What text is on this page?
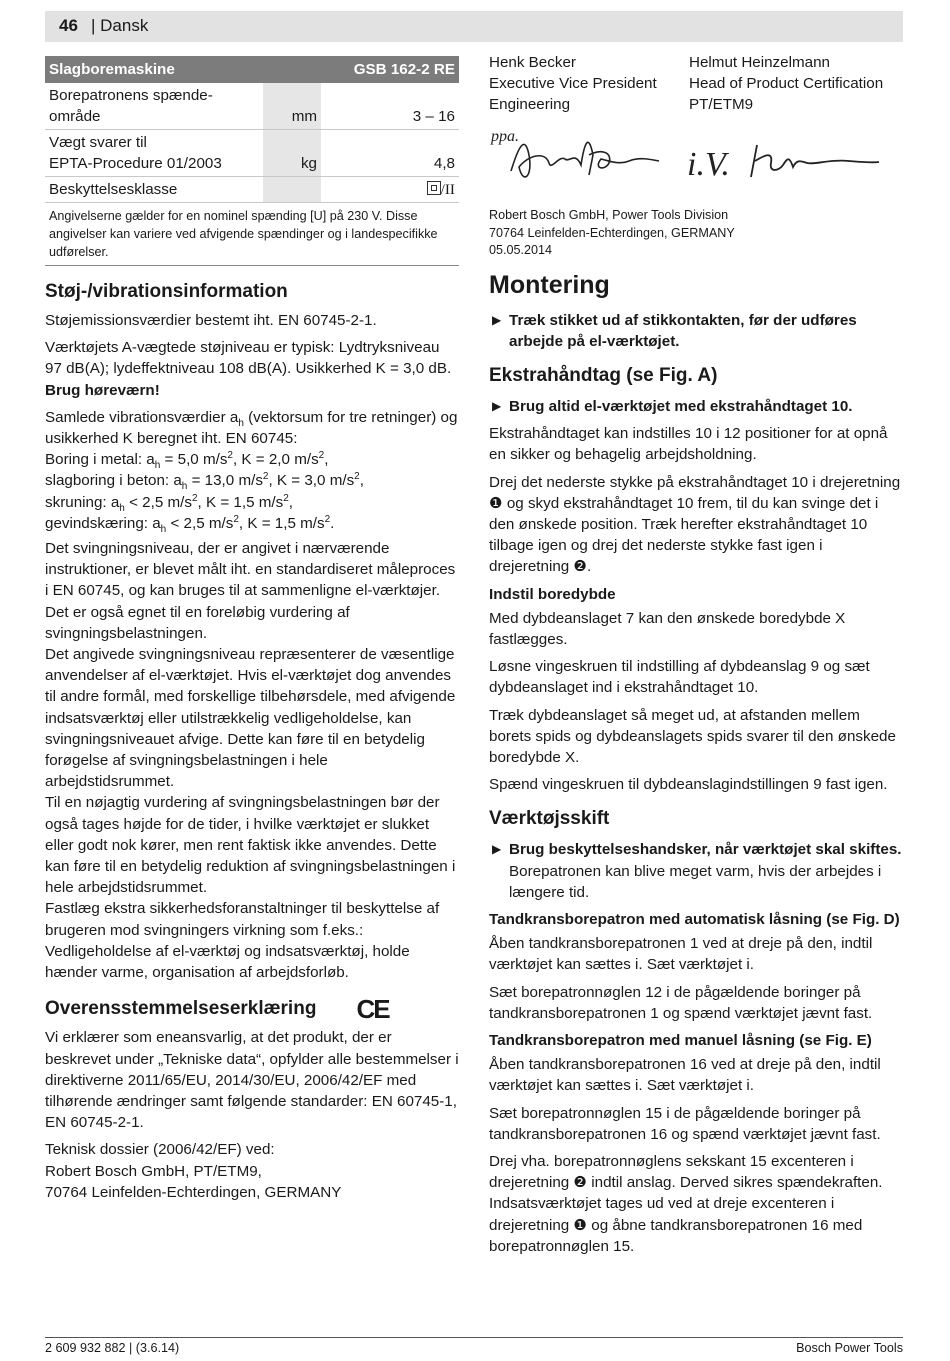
46 | Dansk
Slagboremaskine		GSB 162-2 RE
Borepatronens spænde-
område	mm	3 – 16
Vægt svarer til
EPTA-Procedure 01/2003	kg	4,8
Beskyttelsesklasse		/II
Angivelserne gælder for en nominel spænding [U] på 230 V. Disse angivelser kan variere ved afvigende spændinger og i landespecifikke udførelser.
Støj-/vibrationsinformation

Støjemissionsværdier bestemt iht. EN 60745-2-1.

Værktøjets A-vægtede støjniveau er typisk: Lydtryksniveau 97 dB(A); lydeffektniveau 108 dB(A). Usikkerhed K = 3,0 dB.

Brug høreværn!

Samlede vibrationsværdier $a_h$ (vektorsum for tre retninger) og usikkerhed K beregnet iht. EN 60745:
Boring i metal: $a_h = 5,0$ $m/s^2$, K = 2,0 $m/s^2$,
slagboring i beton: $a_h = 13,0$ $m/s^2$, K = 3,0 $m/s^2$,
skruning: $a_h < 2,5$ $m/s^2$, K = 1,5 $m/s^2$,
gevindskæring: $a_h < 2,5$ $m/s^2$, K = 1,5 $m/s^2$.

Det svingningsniveau, der er angivet i nærværende instruktioner, er blevet målt iht. en standardiseret måleproces i EN 60745, og kan bruges til at sammenligne el-værktøjer. Det er også egnet til en foreløbig vurdering af svingningsbelastningen.

Det angivede svingningsniveau repræsenterer de væsentlige anvendelser af el-værktøjet. Hvis el-værktøjet dog anvendes til andre formål, med forskellige tilbehørsdele, med afvigende indsatsværktøj eller utilstrækkelig vedligeholdelse, kan svingningsniveauet afvige. Dette kan føre til en betydelig forøgelse af svingningsbelastningen i hele arbejdstidsrummet.

Til en nøjagtig vurdering af svingningsbelastningen bør der også tages højde for de tider, i hvilke værktøjet er slukket eller godt nok kører, men rent faktisk ikke anvendes. Dette kan føre til en betydelig reduktion af svingningsbelastningen i hele arbejdstidsrummet.

Fastlæg ekstra sikkerhedsforanstaltninger til beskyttelse af brugeren mod svingningers virkning som f.eks.: Vedligeholdelse af el-værktøj og indsatsværktøj, holde hænder varme, organisation af arbejdsforløb.

Overensstemmelseserklæring CE

Vi erklærer som eneansvarlig, at det produkt, der er beskrevet under „Tekniske data“, opfylder alle bestemmelser i direktiverne 2011/65/EU, 2014/30/EU, 2006/42/EF med tilhørende ændringer samt følgende standarder: EN 60745-1, EN 60745-2-1.

Teknisk dossier (2006/42/EF) ved:
Robert Bosch GmbH, PT/ETM9,
70764 Leinfelden-Echterdingen, GERMANY

Henk Becker
Executive Vice President
Engineering
Helmut Heinzelmann
Head of Product Certification
PT/ETM9
ppa.
i.V.
Robert Bosch GmbH, Power Tools Division
70764 Leinfelden-Echterdingen, GERMANY
05.05.2014
Montering
▶ Træk stikket ud af stikkontakten, før der udføres arbejde på el-værktøjet.
Ekstrahåndtag (se Fig. A)
▶ Brug altid el-værktøjet med ekstrahåndtaget 10.

Ekstrahåndtaget kan indstilles 10 i 12 positioner for at opnå en sikker og behagelig arbejdsholdning.

Drej det nederste stykke på ekstrahåndtaget 10 i drejeretning ❶ og skyd ekstrahåndtaget 10 frem, til du kan svinge det i den ønskede position. Træk herefter ekstrahåndtaget 10 tilbage igen og drej det nederste stykke fast igen i drejeretning ❷.

Indstil boredybde

Med dybdeanslaget 7 kan den ønskede boredybde X fastlægges.

Løsne vingeskruen til indstilling af dybdeanslag 9 og sæt dybdeanslaget ind i ekstrahåndtaget 10.

Træk dybdeanslaget så meget ud, at afstanden mellem borets spids og dybdeanslagets spids svarer til den ønskede boredybde X.

Spænd vingeskruen til dybdeanslagindstillingen 9 fast igen.

Værktøjsskift
▶ Brug beskyttelseshandsker, når værktøjet skal skiftes. Borepatronen kan blive meget varm, hvis der arbejdes i længere tid.
Tandkransborepatron med automatisk låsning (se Fig. D)

Åben tandkransborepatronen 1 ved at dreje på den, indtil værktøjet kan sættes i. Sæt værktøjet i.

Sæt borepatronnøglen 12 i de pågældende boringer på tandkransborepatronen 1 og spænd værktøjet jævnt fast.

Tandkransborepatron med manuel låsning (se Fig. E)

Åben tandkransborepatronen 16 ved at dreje på den, indtil værktøjet kan sættes i. Sæt værktøjet i.

Sæt borepatronnøglen 15 i de pågældende boringer på tandkransborepatronen 16 og spænd værktøjet jævnt fast.

Drej vha. borepatronnøglens sekskant 15 excenteren i drejeretning ❷ indtil anslag. Derved sikres spændekraften. Indsatsværktøjet tages ud ved at dreje excenteren i drejeretning ❶ og åbne tandkransborepatronen 16 med borepatronnøglen 15.

2 609 932 882 | (3.6.14)	Bosch Power Tools
